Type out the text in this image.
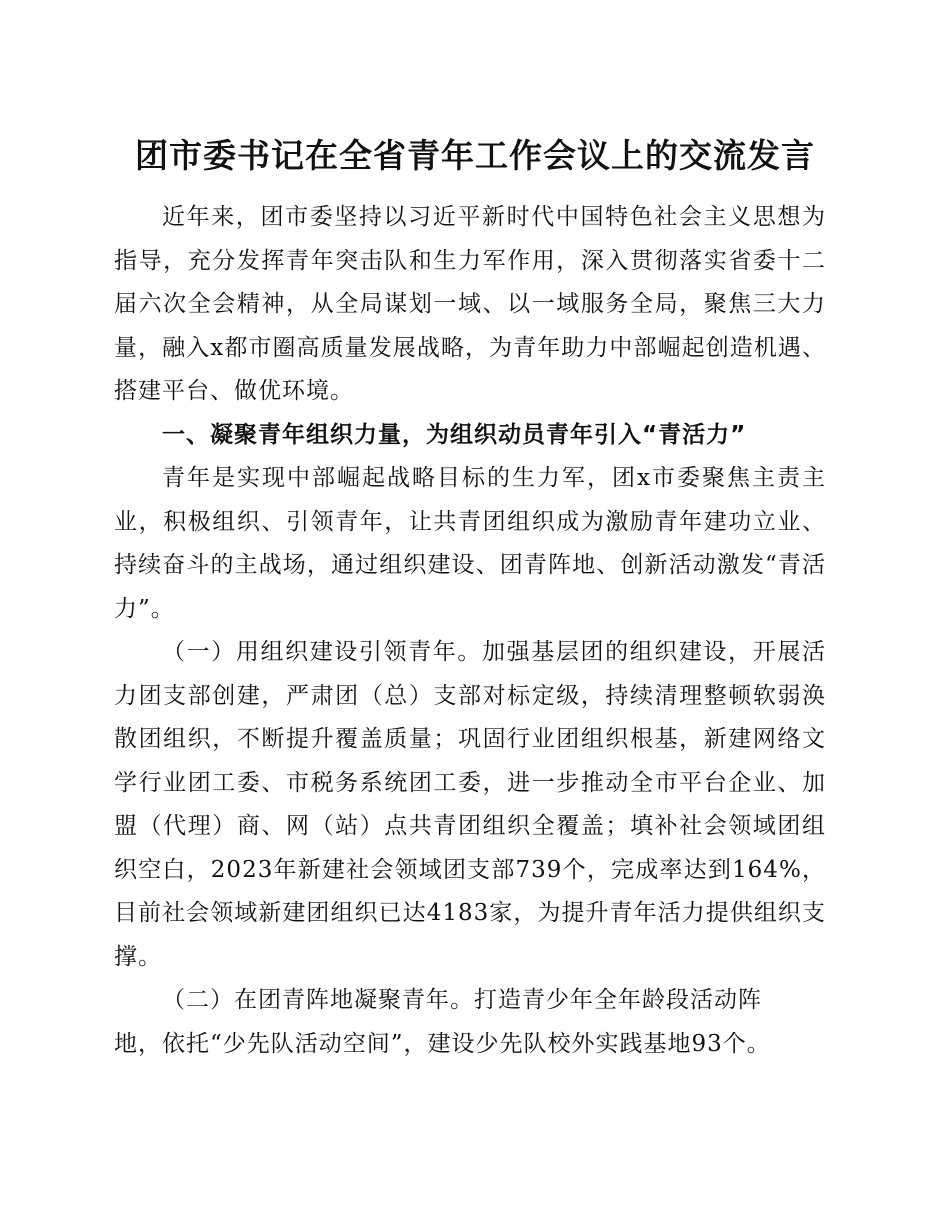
团市委书记在全省青年工作会议上的交流发言

近年来，团市委坚持以习近平新时代中国特色社会主义思想为指导，充分发挥青年突击队和生力军作用，深入贯彻落实省委十二届六次全会精神，从全局谋划一域、以一域服务全局，聚焦三大力量，融入x都市圈高质量发展战略，为青年助力中部崛起创造机遇、搭建平台、做优环境。

一、凝聚青年组织力量，为组织动员青年引入“青活力”

青年是实现中部崛起战略目标的生力军，团x市委聚焦主责主业，积极组织、引领青年，让共青团组织成为激励青年建功立业、持续奋斗的主战场，通过组织建设、团青阵地、创新活动激发“青活力”。

（一）用组织建设引领青年。加强基层团的组织建设，开展活力团支部创建，严肃团（总）支部对标定级，持续清理整顿软弱涣散团组织，不断提升覆盖质量；巩固行业团组织根基，新建网络文学行业团工委、市税务系统团工委，进一步推动全市平台企业、加盟（代理）商、网（站）点共青团组织全覆盖；填补社会领域团组织空白，2023年新建社会领域团支部739个，完成率达到164%，目前社会领域新建团组织已达4183家，为提升青年活力提供组织支撑。

（二）在团青阵地凝聚青年。打造青少年全年龄段活动阵
地，依托“少先队活动空间”，建设少先队校外实践基地93个。
